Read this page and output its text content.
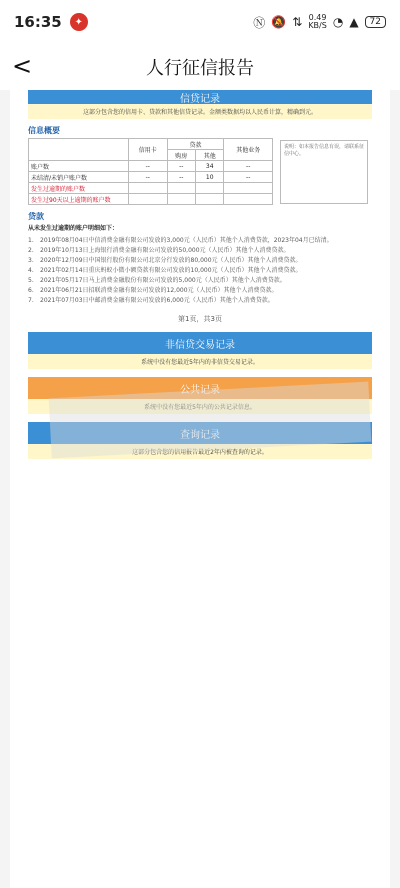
16:35	✦	Ⓝ 🔕 ⇅ 0.49
KB/S ◔ ▲	72
<	人行征信报告
信贷记录
这部分包含您的信用卡、贷款和其他信贷记录。金额类数据均以人民币计算，精确到元。
信息概要
	信用卡	贷款		其他业务
		购房	其他	
账户数	--	--	34	--
未结清/未销户账户数	--	--	10	--
发生过逾期的账户数				
发生过90天以上逾期的账户数				
说明：如本报告信息有误，请联系征信中心。
贷款
从未发生过逾期的账户明细如下：
1. 2019年08月04日中信消费金融有限公司发放的3,000元（人民币）其他个人消费贷款，2023年04月已结清。
2. 2019年10月13日上海银行消费金融有限公司发放的50,000元（人民币）其他个人消费贷款。
3. 2020年12月09日中国银行股份有限公司北京分行发放的80,000元（人民币）其他个人消费贷款。
4. 2021年02月14日重庆蚂蚁小微小额贷款有限公司发放的10,000元（人民币）其他个人消费贷款。
5. 2021年05月17日马上消费金融股份有限公司发放的5,000元（人民币）其他个人消费贷款。
6. 2021年06月21日招联消费金融有限公司发放的12,000元（人民币）其他个人消费贷款。
7. 2021年07月03日中邮消费金融有限公司发放的6,000元（人民币）其他个人消费贷款。
第1页，共3页
非信贷交易记录
系统中没有您最近5年内的非信贷交易记录。
公共记录
系统中没有您最近5年内的公共记录信息。
查询记录
这部分包含您的信用报告最近2年内被查询的记录。
